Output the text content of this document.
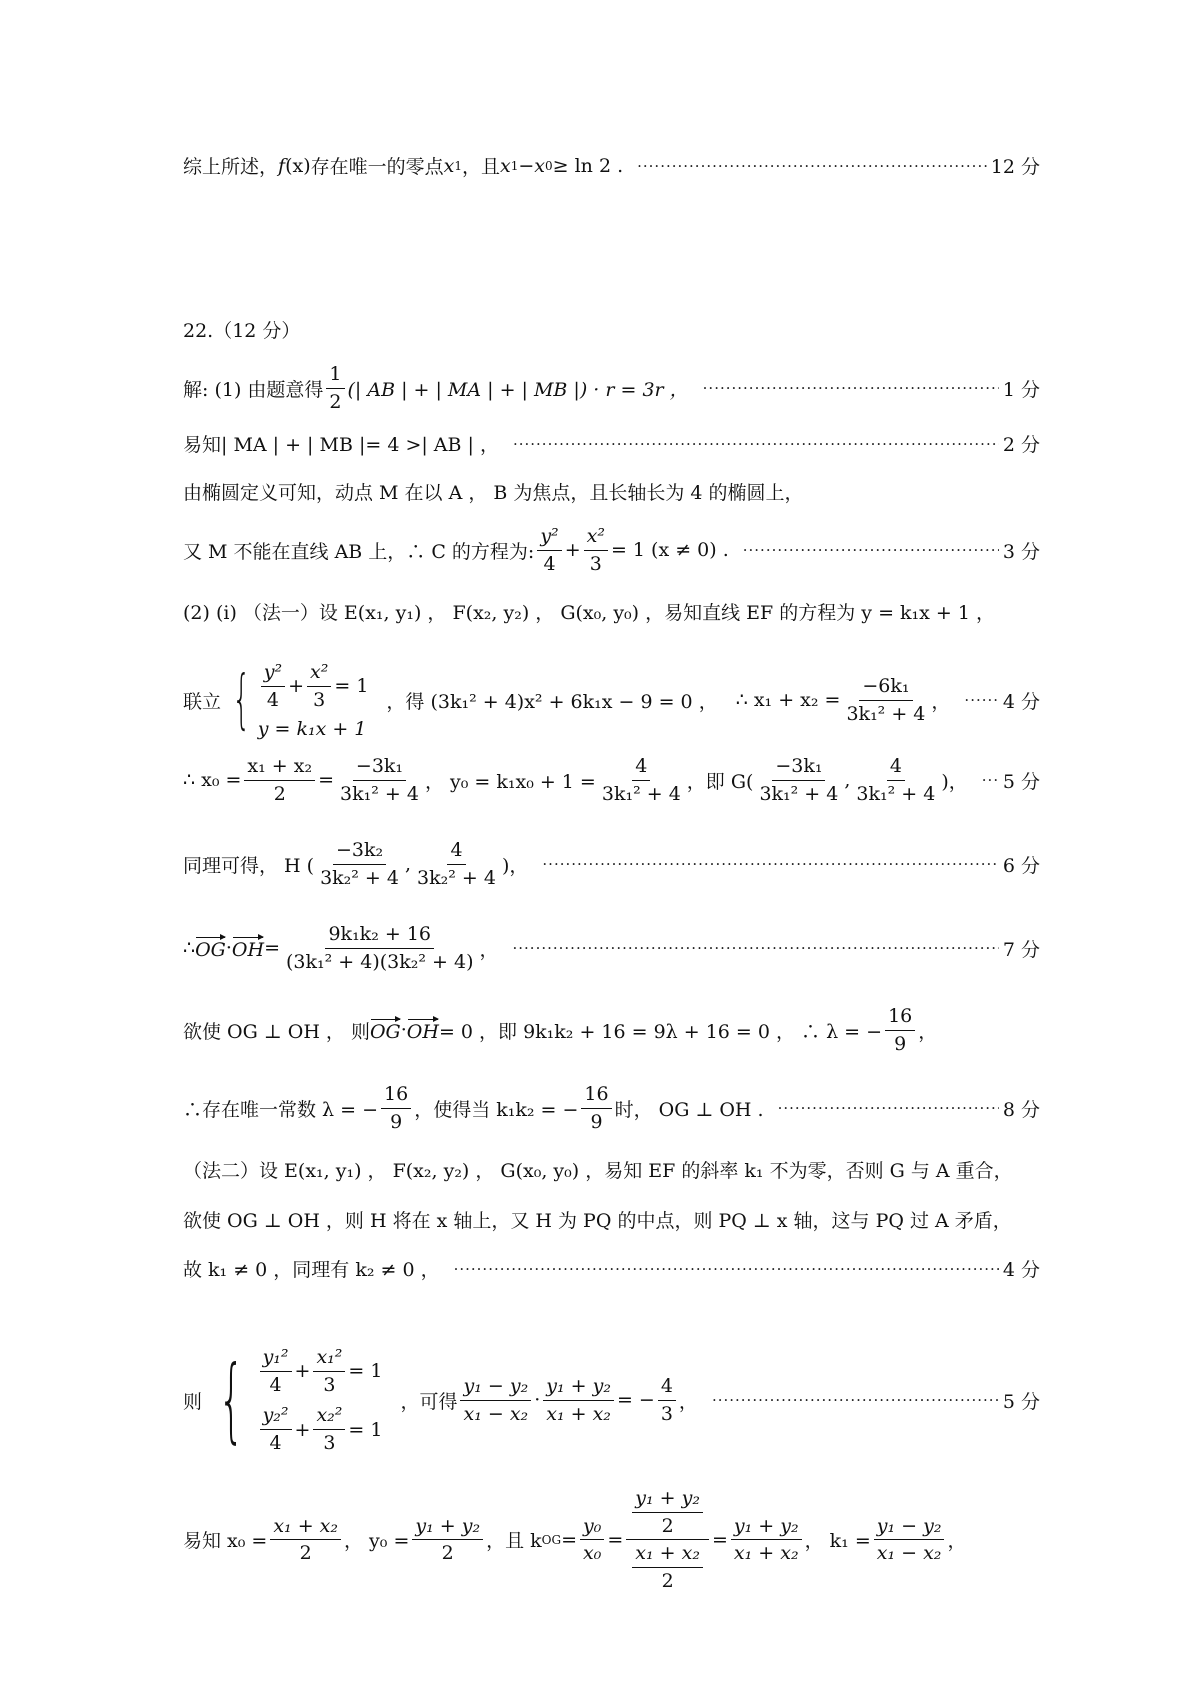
综上所述， f (x) 存在唯一的零点 x 1 ，且 x 1 − x 0 ≥ ln 2 . ·····	12 分
22.（12 分）
解: (1) 由题意得 $\frac{1}{2}$ (| AB | + | MA | + | MB |) · r = 3r ， ·····	1 分
易知| MA | + | MB |= 4 >| AB | ， ·····	2 分
由椭圆定义可知，动点 M 在以 A ， B 为焦点，且长轴长为 4 的椭圆上，
又 M 不能在直线 AB 上，∴ C 的方程为: $\frac{\text{y²}}{4} + \frac{\text{x²}}{3} = 1$ (x ≠ 0) . ·····	3 分
(2) (i) （法一）设 E(x₁, y₁) ， F(x₂, y₂) ， G(x₀, y₀) ，易知直线 EF 的方程为 y = k₁x + 1 ，
联立 { $\frac{\text{y²}}{4} + \frac{\text{x²}}{3} = 1$
y = k₁x + 1
，得 (3k₁² + 4)x² + 6k₁x − 9 = 0 ， ∴ $x_1 + x_2 = \frac{\text{−6k₁}}{\text{3k₁² + 4}}$ ， ·····	4 分
∴ $x_0 = \frac{\text{x₁ + x₂}}{2} = \frac{\text{−3k₁}}{\text{3k₁² + 4}}$ ， $y_0 = k_1x_0 + 1 = \frac{4}{\text{3k₁² + 4}}$ ，即 $G( \frac{\text{−3k₁}}{\text{3k₁² + 4}}$ , $\frac{4}{\text{3k₁² + 4}}$ )， ····· 5 分
同理可得， H ( $\frac{\text{−3k₂}}{\text{3k₂² + 4}}$ , $\frac{4}{\text{3k₂² + 4}}$ )， ·····	6 分
∴ OG · OH = $\frac{\text{9k₁k₂ + 16}}{\text{(3k₁² + 4)(3k₂² + 4)}}$ ， ·····	7 分
欲使 OG ⊥ OH ， 则 OG · OH = 0 ，即 9k₁k₂ + 16 = 9λ + 16 = 0 ， ∴ λ = − $\frac{16}{9}$ ，
∴存在唯一常数 λ = − $\frac{16}{9}$ ，使得当 k₁k₂ = − $\frac{16}{9}$ 时， OG ⊥ OH . ·····	8 分
（法二）设 E(x₁, y₁) ， F(x₂, y₂) ， G(x₀, y₀) ，易知 EF 的斜率 k₁ 不为零，否则 G 与 A 重合，
欲使 OG ⊥ OH ，则 H 将在 x 轴上，又 H 为 PQ 的中点，则 PQ ⊥ x 轴，这与 PQ 过 A 矛盾，
故 k₁ ≠ 0 ，同理有 k₂ ≠ 0 ， ·····	4 分
则 { $\frac{\text{y₁²}}{4} + \frac{\text{x₁²}}{3} = 1$
$\frac{\text{y₂²}}{4} + \frac{\text{x₂²}}{3} = 1$
，可得 $\frac{\text{y₁ − y₂}}{\text{x₁ − x₂}} \cdot \frac{\text{y₁ + y₂}}{\text{x₁ + x₂}}$ = − $\frac{4}{3}$ ， ·····	5 分
易知 $x_0 = \frac{\text{x₁ + x₂}}{2}$ ， $y_0 = \frac{\text{y₁ + y₂}}{2}$ ，且 k OG = $\frac{\text{y₀}}{\text{x₀}} = \frac{\frac{\text{y₁ + y₂}}{2}}{\frac{\text{x₁ + x₂}}{2}} = \frac{\text{y₁ + y₂}}{\text{x₁ + x₂}}$ ， $k_1 = \frac{\text{y₁ − y₂}}{\text{x₁ − x₂}}$ ，
